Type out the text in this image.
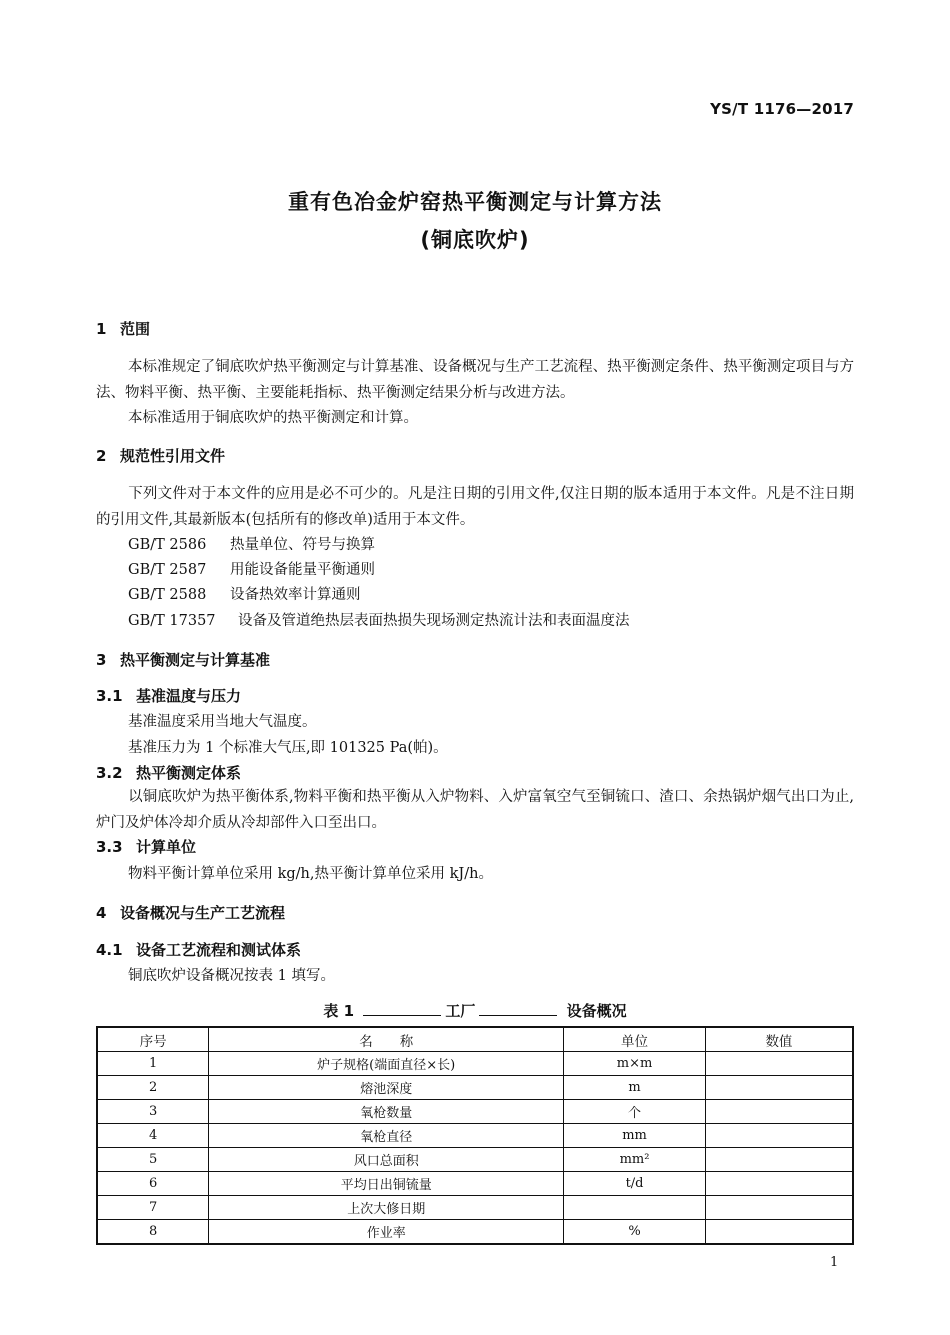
YS/T 1176—2017
重有色冶金炉窑热平衡测定与计算方法
(铜底吹炉)
1 范围
本标准规定了铜底吹炉热平衡测定与计算基准、设备概况与生产工艺流程、热平衡测定条件、热平衡测定项目与方法、物料平衡、热平衡、主要能耗指标、热平衡测定结果分析与改进方法。
本标准适用于铜底吹炉的热平衡测定和计算。
2 规范性引用文件
下列文件对于本文件的应用是必不可少的。凡是注日期的引用文件,仅注日期的版本适用于本文件。凡是不注日期的引用文件,其最新版本(包括所有的修改单)适用于本文件。
GB/T 2586 热量单位、符号与换算
GB/T 2587 用能设备能量平衡通则
GB/T 2588 设备热效率计算通则
GB/T 17357 设备及管道绝热层表面热损失现场测定热流计法和表面温度法
3 热平衡测定与计算基准
3.1 基准温度与压力
基准温度采用当地大气温度。
基准压力为 1 个标准大气压,即 101325 Pa(帕)。
3.2 热平衡测定体系
以铜底吹炉为热平衡体系,物料平衡和热平衡从入炉物料、入炉富氧空气至铜锍口、渣口、余热锅炉烟气出口为止,炉门及炉体冷却介质从冷却部件入口至出口。
3.3 计算单位
物料平衡计算单位采用 kg/h,热平衡计算单位采用 kJ/h。
4 设备概况与生产工艺流程
4.1 设备工艺流程和测试体系
铜底吹炉设备概况按表 1 填写。
表 1	工厂	设备概况
序号	名　　称	单位	数值
1	炉子规格(端面直径×长)	m×m	
2	熔池深度	m	
3	氧枪数量	个	
4	氧枪直径	mm	
5	风口总面积	mm²	
6	平均日出铜锍量	t/d	
7	上次大修日期		
8	作业率	%	
1
